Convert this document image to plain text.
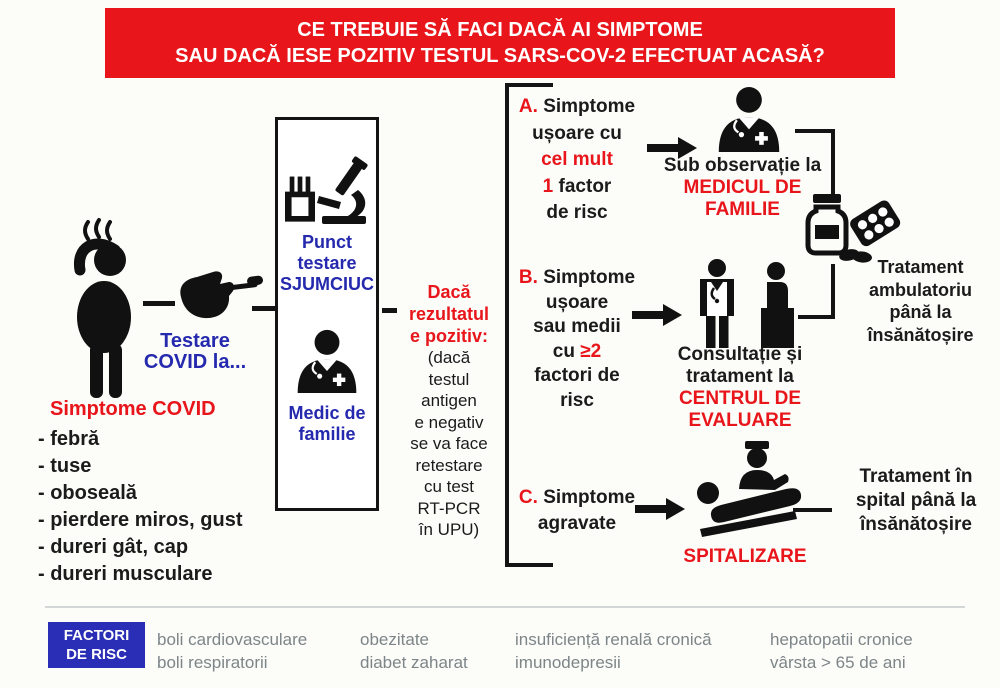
CE TREBUIE SĂ FACI DACĂ AI SIMPTOME
SAU DACĂ IESE POZITIV TESTUL SARS-COV-2 EFECTUAT ACASĂ?
Simptome COVID
- febră
- tuse
- oboseală
- pierdere miros, gust
- dureri gât, cap
- dureri musculare
Testare
COVID la...
Punct
testare
SJUMCIUC
Medic de
familie
Dacă
rezultatul
e pozitiv:
(dacă
testul
antigen
e negativ
se va face
retestare
cu test
RT-PCR
în UPU)
A. Simptome
ușoare cu
cel mult
1 factor
de risc
Sub observație la
MEDICUL DE
FAMILIE
Tratament
ambulatoriu
până la
însănătoșire
B. Simptome
ușoare
sau medii
cu ≥2
factori de
risc
Consultație și
tratament la
CENTRUL DE
EVALUARE
C. Simptome
agravate
SPITALIZARE
Tratament în
spital până la
însănătoșire
FACTORI
DE RISC
boli cardiovasculare
boli respiratorii
obezitate
diabet zaharat
insuficiență renală cronică
imunodepresii
hepatopatii cronice
vârsta > 65 de ani
